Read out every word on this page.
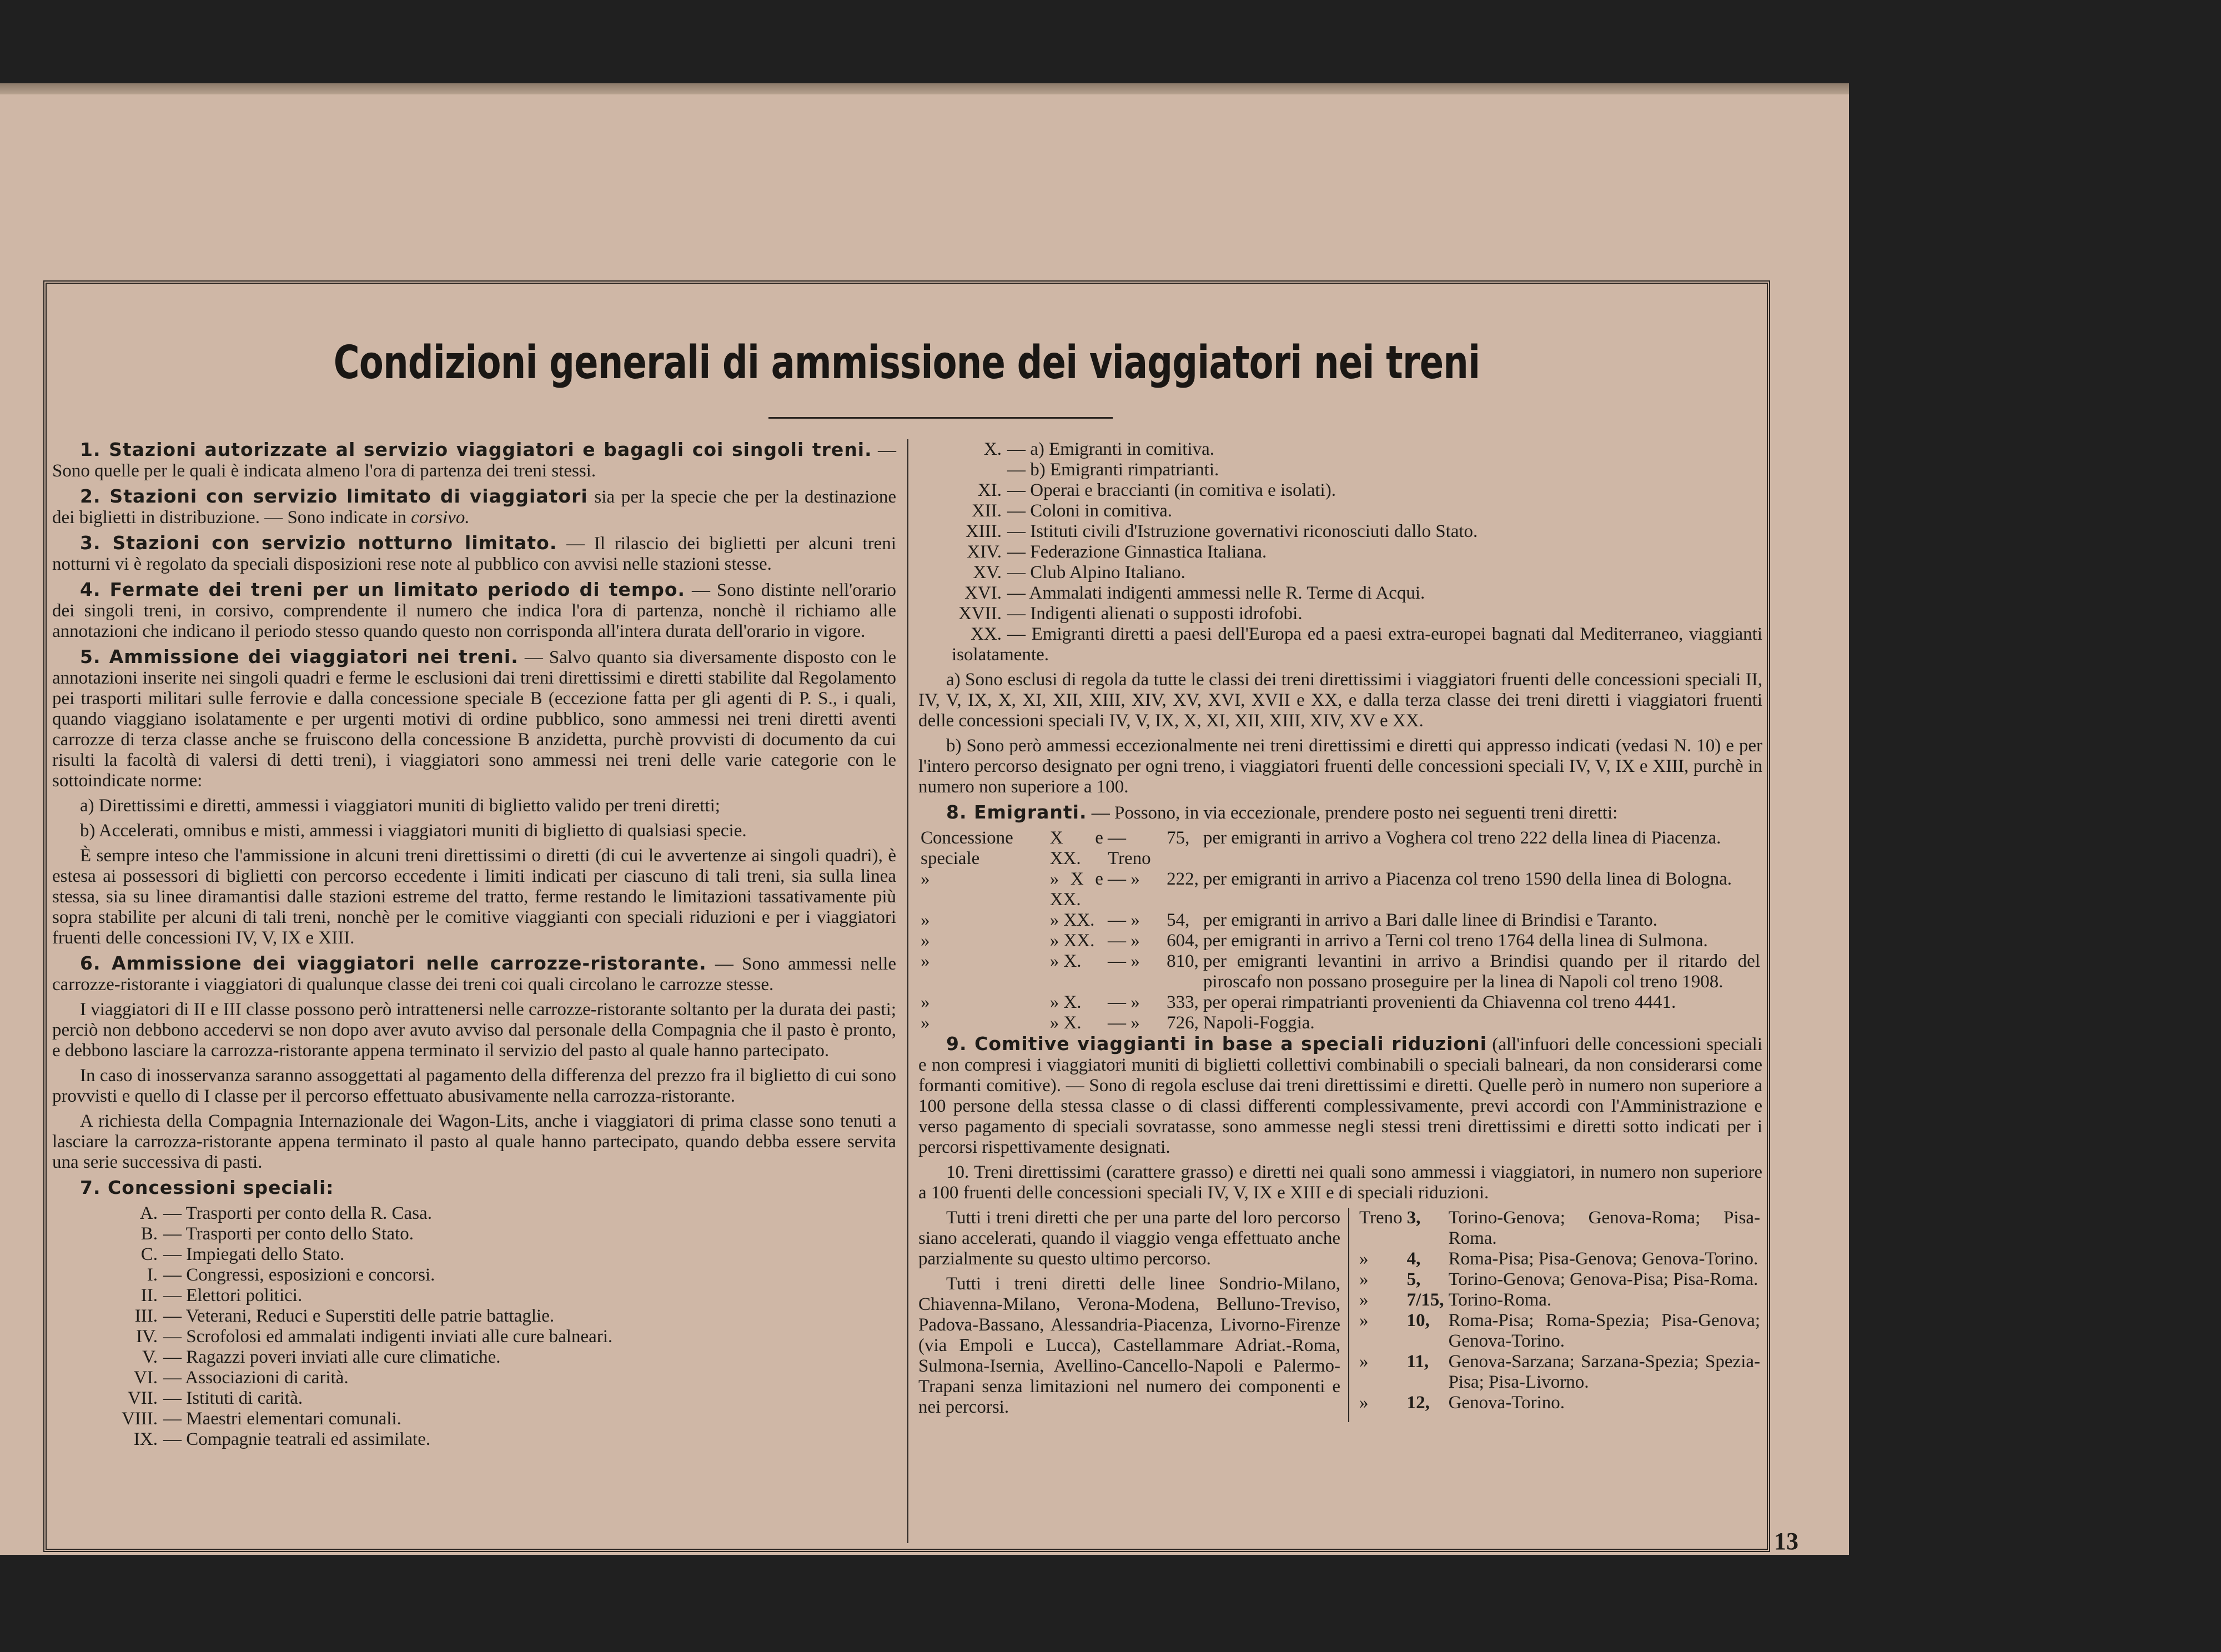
Condizioni generali di ammissione dei viaggiatori nei treni

1. Stazioni autorizzate al servizio viaggiatori e bagagli coi singoli treni. — Sono quelle per le quali è indicata almeno l'ora di partenza dei treni stessi.

2. Stazioni con servizio limitato di viaggiatori sia per la specie che per la destinazione dei biglietti in distribuzione. — Sono indicate in corsivo.

3. Stazioni con servizio notturno limitato. — Il rilascio dei biglietti per alcuni treni notturni vi è regolato da speciali disposizioni rese note al pubblico con avvisi nelle stazioni stesse.

4. Fermate dei treni per un limitato periodo di tempo. — Sono distinte nell'orario dei singoli treni, in corsivo, comprendente il numero che indica l'ora di partenza, nonchè il richiamo alle annotazioni che indicano il periodo stesso quando questo non corrisponda all'intera durata dell'orario in vigore.

5. Ammissione dei viaggiatori nei treni. — Salvo quanto sia diversamente disposto con le annotazioni inserite nei singoli quadri e ferme le esclusioni dai treni direttissimi e diretti stabilite dal Regolamento pei trasporti militari sulle ferrovie e dalla concessione speciale B (eccezione fatta per gli agenti di P. S., i quali, quando viaggiano isolatamente e per urgenti motivi di ordine pubblico, sono ammessi nei treni diretti aventi carrozze di terza classe anche se fruiscono della concessione B anzidetta, purchè provvisti di documento da cui risulti la facoltà di valersi di detti treni), i viaggiatori sono ammessi nei treni delle varie categorie con le sottoindicate norme:

a) Direttissimi e diretti, ammessi i viaggiatori muniti di biglietto valido per treni diretti;

b) Accelerati, omnibus e misti, ammessi i viaggiatori muniti di biglietto di qualsiasi specie.

È sempre inteso che l'ammissione in alcuni treni direttissimi o diretti (di cui le avvertenze ai singoli quadri), è estesa ai possessori di biglietti con percorso eccedente i limiti indicati per ciascuno di tali treni, sia sulla linea stessa, sia su linee diramantisi dalle stazioni estreme del tratto, ferme restando le limitazioni tassativamente più sopra stabilite per alcuni di tali treni, nonchè per le comitive viaggianti con speciali riduzioni e per i viaggiatori fruenti delle concessioni IV, V, IX e XIII.

6. Ammissione dei viaggiatori nelle carrozze-ristorante. — Sono ammessi nelle carrozze-ristorante i viaggiatori di qualunque classe dei treni coi quali circolano le carrozze stesse.

I viaggiatori di II e III classe possono però intrattenersi nelle carrozze-ristorante soltanto per la durata dei pasti; perciò non debbono accedervi se non dopo aver avuto avviso dal personale della Compagnia che il pasto è pronto, e debbono lasciare la carrozza-ristorante appena terminato il servizio del pasto al quale hanno partecipato.

In caso di inosservanza saranno assoggettati al pagamento della differenza del prezzo fra il biglietto di cui sono provvisti e quello di I classe per il percorso effettuato abusivamente nella carrozza-ristorante.

A richiesta della Compagnia Internazionale dei Wagon-Lits, anche i viaggiatori di prima classe sono tenuti a lasciare la carrozza-ristorante appena terminato il pasto al quale hanno partecipato, quando debba essere servita una serie successiva di pasti.

7. Concessioni speciali:

A. — Trasporti per conto della R. Casa.
B. — Trasporti per conto dello Stato.
C. — Impiegati dello Stato.
I. — Congressi, esposizioni e concorsi.
II. — Elettori politici.
III. — Veterani, Reduci e Superstiti delle patrie battaglie.
IV. — Scrofolosi ed ammalati indigenti inviati alle cure balneari.
V. — Ragazzi poveri inviati alle cure climatiche.
VI. — Associazioni di carità.
VII. — Istituti di carità.
VIII. — Maestri elementari comunali.
IX. — Compagnie teatrali ed assimilate.
X. — a) Emigranti in comitiva.
— b) Emigranti rimpatrianti.
XI. — Operai e braccianti (in comitiva e isolati).
XII. — Coloni in comitiva.
XIII. — Istituti civili d'Istruzione governativi riconosciuti dallo Stato.
XIV. — Federazione Ginnastica Italiana.
XV. — Club Alpino Italiano.
XVI. — Ammalati indigenti ammessi nelle R. Terme di Acqui.
XVII. — Indigenti alienati o supposti idrofobi.
XX. — Emigranti diretti a paesi dell'Europa ed a paesi extra-europei bagnati dal Mediterraneo, viaggianti isolatamente.

a) Sono esclusi di regola da tutte le classi dei treni direttissimi i viaggiatori fruenti delle concessioni speciali II, IV, V, IX, X, XI, XII, XIII, XIV, XV, XVI, XVII e XX, e dalla terza classe dei treni diretti i viaggiatori fruenti delle concessioni speciali IV, V, IX, X, XI, XII, XIII, XIV, XV e XX.

b) Sono però ammessi eccezionalmente nei treni direttissimi e diretti qui appresso indicati (vedasi N. 10) e per l'intero percorso designato per ogni treno, i viaggiatori fruenti delle concessioni speciali IV, V, IX e XIII, purchè in numero non superiore a 100.

8. Emigranti. — Possono, in via eccezionale, prendere posto nei seguenti treni diretti:

Concessione speciale	X e XX.	— Treno	75,	per emigranti in arrivo a Voghera col treno 222 della linea di Piacenza.
»	» X e XX.	— »	222,	per emigranti in arrivo a Piacenza col treno 1590 della linea di Bologna.
»	» XX.	— »	54,	per emigranti in arrivo a Bari dalle linee di Brindisi e Taranto.
»	» XX.	— »	604,	per emigranti in arrivo a Terni col treno 1764 della linea di Sulmona.
»	» X.	— »	810,	per emigranti levantini in arrivo a Brindisi quando per il ritardo del piroscafo non possano proseguire per la linea di Napoli col treno 1908.
»	» X.	— »	333,	per operai rimpatrianti provenienti da Chiavenna col treno 4441.
»	» X.	— »	726,	Napoli-Foggia.

9. Comitive viaggianti in base a speciali riduzioni (all'infuori delle concessioni speciali e non compresi i viaggiatori muniti di biglietti collettivi combinabili o speciali balneari, da non considerarsi come formanti comitive). — Sono di regola escluse dai treni direttissimi e diretti. Quelle però in numero non superiore a 100 persone della stessa classe o di classi differenti complessivamente, previ accordi con l'Amministrazione e verso pagamento di speciali sovratasse, sono ammesse negli stessi treni direttissimi e diretti sotto indicati per i percorsi rispettivamente designati.

10. Treni direttissimi (carattere grasso) e diretti nei quali sono ammessi i viaggiatori, in numero non superiore a 100 fruenti delle concessioni speciali IV, V, IX e XIII e di speciali riduzioni.

Tutti i treni diretti che per una parte del loro percorso siano accelerati, quando il viaggio venga effettuato anche parzialmente su questo ultimo percorso.

Tutti i treni diretti delle linee Sondrio-Milano, Chiavenna-Milano, Verona-Modena, Belluno-Treviso, Padova-Bassano, Alessandria-Piacenza, Livorno-Firenze (via Empoli e Lucca), Castellammare Adriat.-Roma, Sulmona-Isernia, Avellino-Cancello-Napoli e Palermo-Trapani senza limitazioni nel numero dei componenti e nei percorsi.

Treno	3,	Torino-Genova; Genova-Roma; Pisa-Roma.
»	4,	Roma-Pisa; Pisa-Genova; Genova-Torino.
»	5,	Torino-Genova; Genova-Pisa; Pisa-Roma.
»	7/15,	Torino-Roma.
»	10,	Roma-Pisa; Roma-Spezia; Pisa-Genova; Genova-Torino.
»	11,	Genova-Sarzana; Sarzana-Spezia; Spezia-Pisa; Pisa-Livorno.
»	12,	Genova-Torino.
13
